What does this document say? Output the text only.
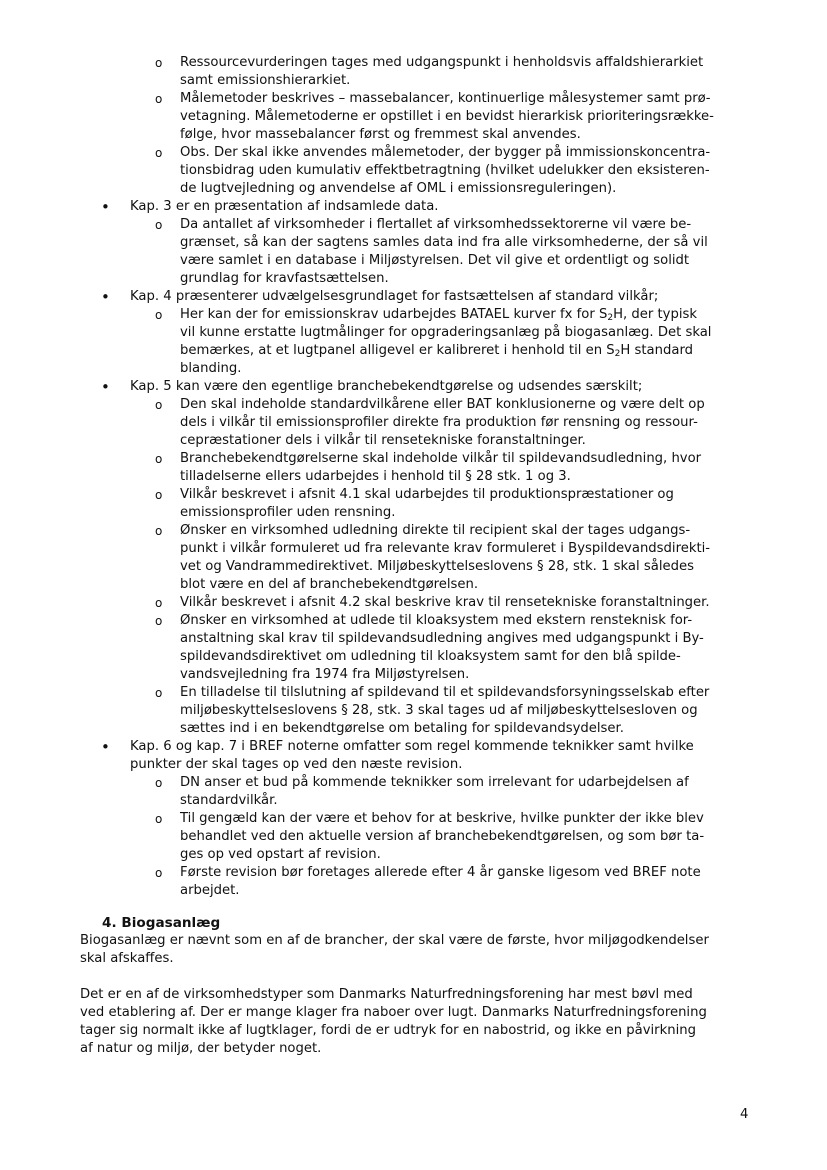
o Ressourcevurderingen tages med udgangspunkt i henholdsvis affaldshierarkiet
samt emissionshierarkiet.
o Målemetoder beskrives – massebalancer, kontinuerlige målesystemer samt prø-
vetagning. Målemetoderne er opstillet i en bevidst hierarkisk prioriteringsrække-
følge, hvor massebalancer først og fremmest skal anvendes.
o Obs. Der skal ikke anvendes målemetoder, der bygger på immissionskoncentra-
tionsbidrag uden kumulativ effektbetragtning (hvilket udelukker den eksisteren-
de lugtvejledning og anvendelse af OML i emissionsreguleringen).
• Kap. 3 er en præsentation af indsamlede data.
o Da antallet af virksomheder i flertallet af virksomhedssektorerne vil være be-
grænset, så kan der sagtens samles data ind fra alle virksomhederne, der så vil
være samlet i en database i Miljøstyrelsen. Det vil give et ordentligt og solidt
grundlag for kravfastsættelsen.
• Kap. 4 præsenterer udvælgelsesgrundlaget for fastsættelsen af standard vilkår;
o Her kan der for emissionskrav udarbejdes BATAEL kurver fx for $S_2H$, der typisk
vil kunne erstatte lugtmålinger for opgraderingsanlæg på biogasanlæg. Det skal
bemærkes, at et lugtpanel alligevel er kalibreret i henhold til en $S_2H$ standard
blanding.
• Kap. 5 kan være den egentlige branchebekendtgørelse og udsendes særskilt;
o Den skal indeholde standardvilkårene eller BAT konklusionerne og være delt op
dels i vilkår til emissionsprofiler direkte fra produktion før rensning og ressour-
cepræstationer dels i vilkår til rensetekniske foranstaltninger.
o Branchebekendtgørelserne skal indeholde vilkår til spildevandsudledning, hvor
tilladelserne ellers udarbejdes i henhold til § 28 stk. 1 og 3.
o Vilkår beskrevet i afsnit 4.1 skal udarbejdes til produktionspræstationer og
emissionsprofiler uden rensning.
o Ønsker en virksomhed udledning direkte til recipient skal der tages udgangs-
punkt i vilkår formuleret ud fra relevante krav formuleret i Byspildevandsdirekti-
vet og Vandrammedirektivet. Miljøbeskyttelseslovens § 28, stk. 1 skal således
blot være en del af branchebekendtgørelsen.
o Vilkår beskrevet i afsnit 4.2 skal beskrive krav til rensetekniske foranstaltninger.
o Ønsker en virksomhed at udlede til kloaksystem med ekstern rensteknisk for-
anstaltning skal krav til spildevandsudledning angives med udgangspunkt i By-
spildevandsdirektivet om udledning til kloaksystem samt for den blå spilde-
vandsvejledning fra 1974 fra Miljøstyrelsen.
o En tilladelse til tilslutning af spildevand til et spildevandsforsyningsselskab efter
miljøbeskyttelseslovens § 28, stk. 3 skal tages ud af miljøbeskyttelsesloven og
sættes ind i en bekendtgørelse om betaling for spildevandsydelser.
• Kap. 6 og kap. 7 i BREF noterne omfatter som regel kommende teknikker samt hvilke
punkter der skal tages op ved den næste revision.
o DN anser et bud på kommende teknikker som irrelevant for udarbejdelsen af
standardvilkår.
o Til gengæld kan der være et behov for at beskrive, hvilke punkter der ikke blev
behandlet ved den aktuelle version af branchebekendtgørelsen, og som bør ta-
ges op ved opstart af revision.
o Første revision bør foretages allerede efter 4 år ganske ligesom ved BREF note
arbejdet.
4. Biogasanlæg
Biogasanlæg er nævnt som en af de brancher, der skal være de første, hvor miljøgodkendelser
skal afskaffes.
Det er en af de virksomhedstyper som Danmarks Naturfredningsforening har mest bøvl med
ved etablering af. Der er mange klager fra naboer over lugt. Danmarks Naturfredningsforening
tager sig normalt ikke af lugtklager, fordi de er udtryk for en nabostrid, og ikke en påvirkning
af natur og miljø, der betyder noget.
4
